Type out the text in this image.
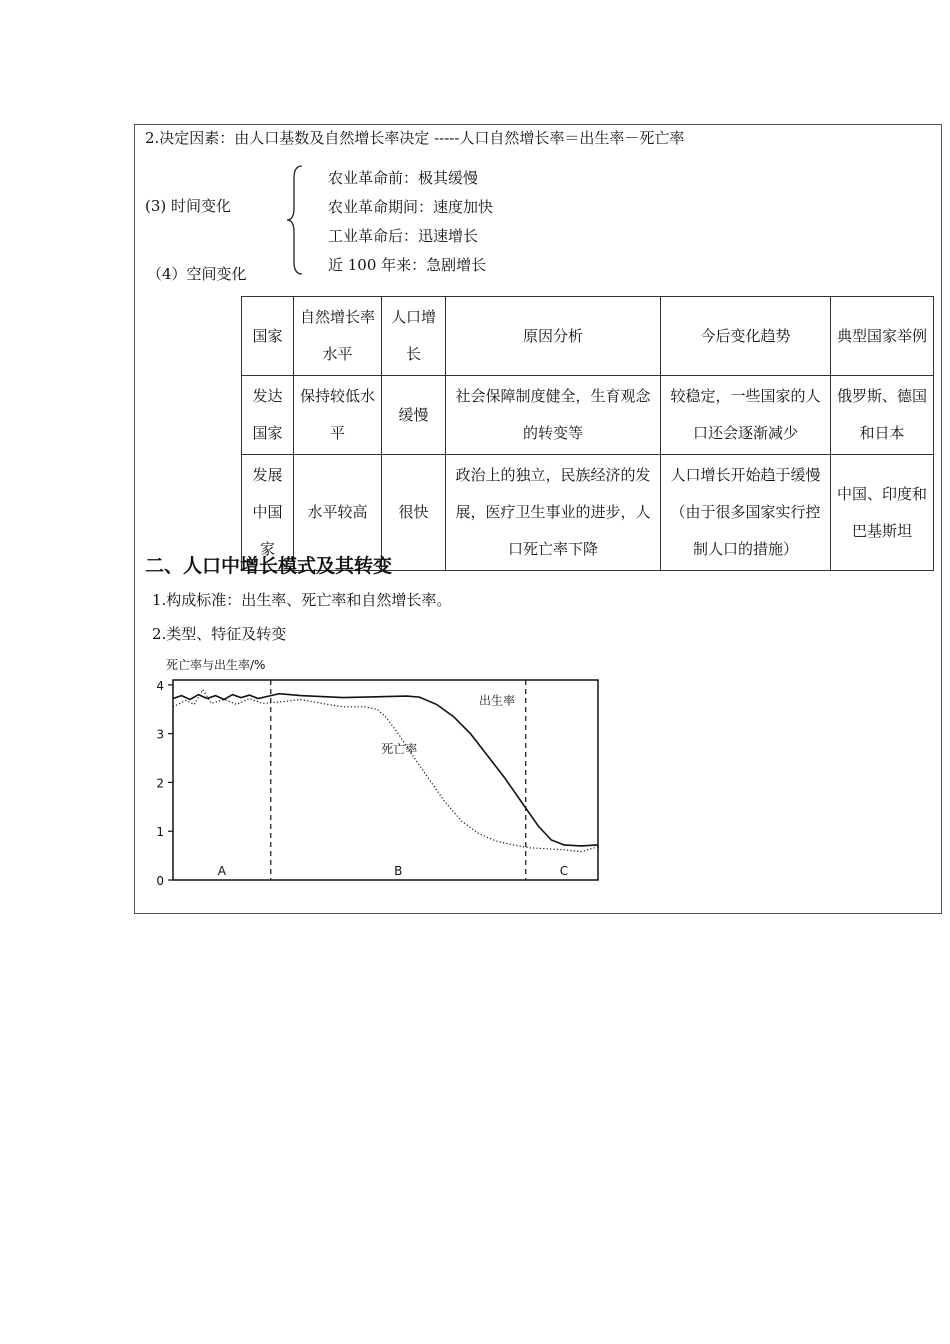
2.决定因素：由人口基数及自然增长率决定 -----人口自然增长率＝出生率－死亡率
(3) 时间变化
农业革命前：极其缓慢
农业革命期间：速度加快
工业革命后：迅速增长
近 100 年来：急剧增长
（4）空间变化
国家	自然增长率水平	人口增长	原因分析	今后变化趋势	典型国家举例
发达国家	保持较低水平	缓慢	社会保障制度健全，生育观念的转变等	较稳定，一些国家的人口还会逐渐减少	俄罗斯、德国和日本
发展中国家	水平较高	很快	政治上的独立，民族经济的发展，医疗卫生事业的进步，人口死亡率下降	人口增长开始趋于缓慢（由于很多国家实行控制人口的措施）	中国、印度和巴基斯坦
二、人口中增长模式及其转变
1.构成标准：出生率、死亡率和自然增长率。
2.类型、特征及转变
死亡率与出生率/%
0
1
2
3
4
A	B	C
出生率
死亡率
